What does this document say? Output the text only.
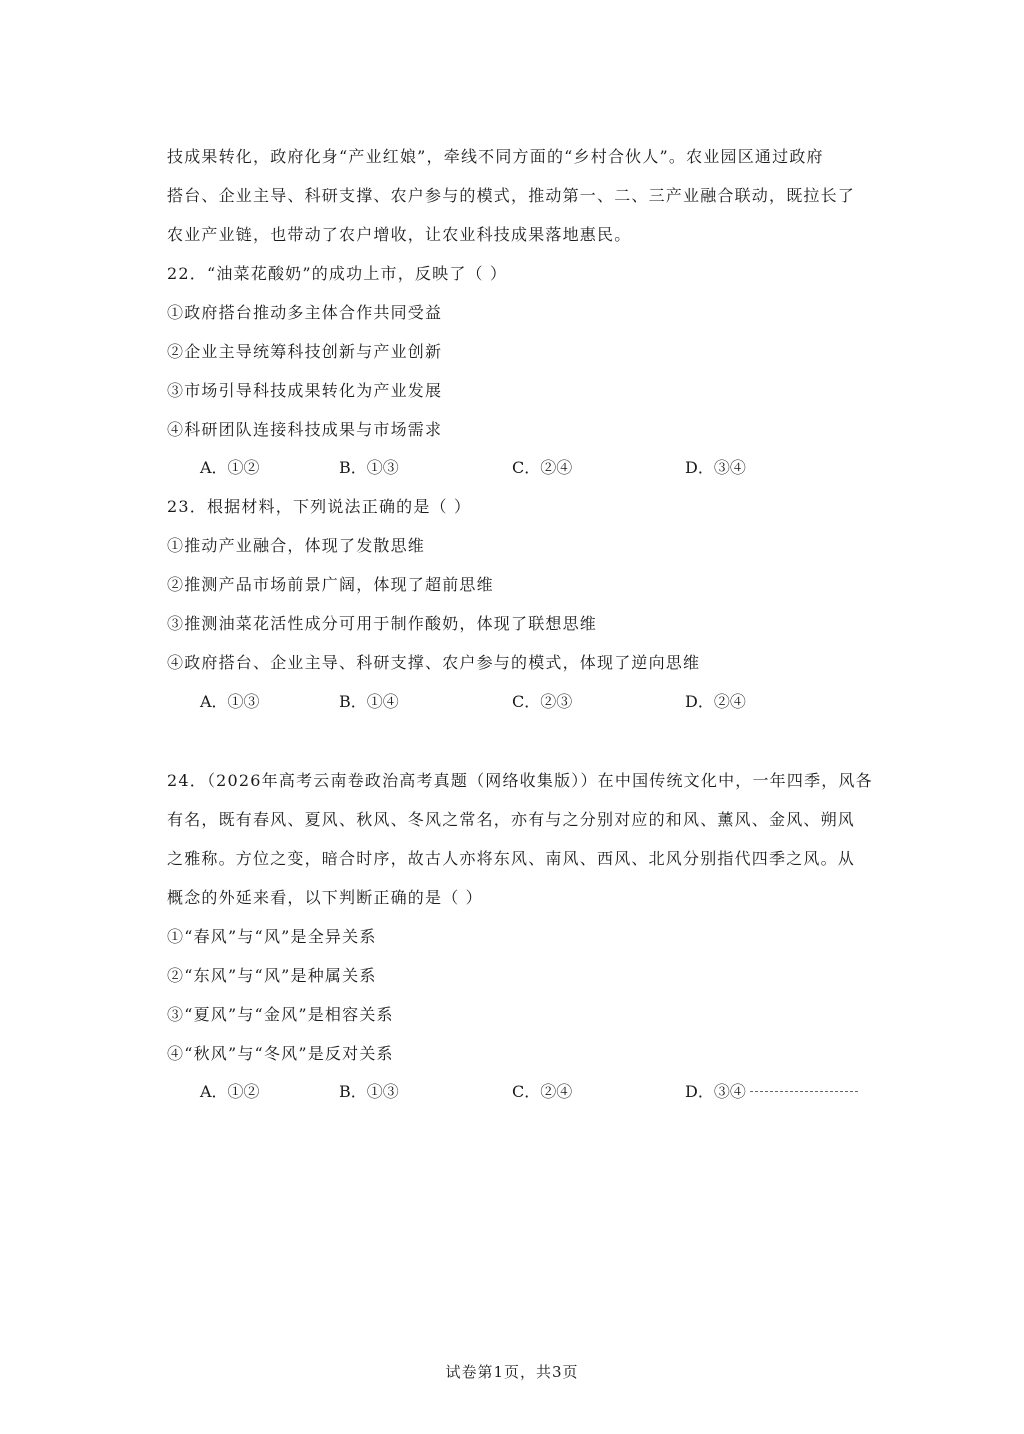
技成果转化，政府化身“产业红娘”，牵线不同方面的“乡村合伙人”。农业园区通过政府
搭台、企业主导、科研支撑、农户参与的模式，推动第一、二、三产业融合联动，既拉长了
农业产业链，也带动了农户增收，让农业科技成果落地惠民。
22．“油菜花酸奶”的成功上市，反映了（ ）
①政府搭台推动多主体合作共同受益
②企业主导统筹科技创新与产业创新
③市场引导科技成果转化为产业发展
④科研团队连接科技成果与市场需求
A．①②	B．①③	C．②④	D．③④
23．根据材料，下列说法正确的是（ ）
①推动产业融合，体现了发散思维
②推测产品市场前景广阔，体现了超前思维
③推测油菜花活性成分可用于制作酸奶，体现了联想思维
④政府搭台、企业主导、科研支撑、农户参与的模式，体现了逆向思维
A．①③	B．①④	C．②③	D．②④
24．（2026年高考云南卷政治高考真题（网络收集版））在中国传统文化中，一年四季，风各
有名，既有春风、夏风、秋风、冬风之常名，亦有与之分别对应的和风、薰风、金风、朔风
之雅称。方位之变，暗合时序，故古人亦将东风、南风、西风、北风分别指代四季之风。从
概念的外延来看，以下判断正确的是（ ）
①“春风”与“风”是全异关系
②“东风”与“风”是种属关系
③“夏风”与“金风”是相容关系
④“秋风”与“冬风”是反对关系
A．①②	B．①③	C．②④	D．③④
试卷第1页，共3页
